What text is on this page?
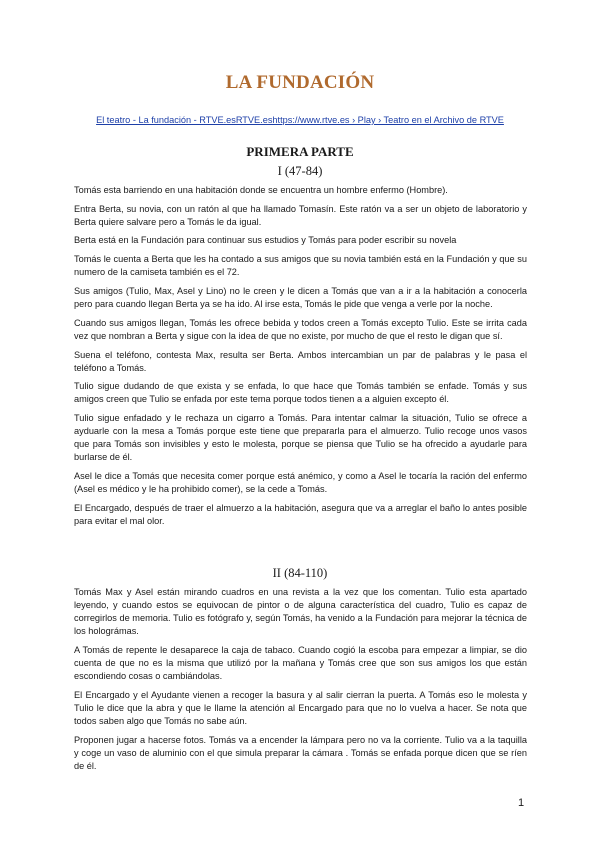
LA FUNDACIÓN
El teatro - La fundación - RTVE.esRTVE.eshttps://www.rtve.es › Play › Teatro en el Archivo de RTVE
PRIMERA PARTE
I (47-84)

Tomás esta barriendo en una habitación donde se encuentra un hombre enfermo (Hombre).

Entra Berta, su novia, con un ratón al que ha llamado Tomasín. Este ratón va a ser un objeto de laboratorio y Berta quiere salvare pero a Tomás le da igual.

Berta está en la Fundación para continuar sus estudios y Tomás para poder escribir su novela

Tomás le cuenta a Berta que les ha contado a sus amigos que su novia también está en la Fundación y que su numero de la camiseta también es el 72.

Sus amigos (Tulio, Max, Asel y Lino) no le creen y le dicen a Tomás que van a ir a la habitación a conocerla pero para cuando llegan Berta ya se ha ido. Al irse esta, Tomás le pide que venga a verle por la noche.

Cuando sus amigos llegan, Tomás les ofrece bebida y todos creen a Tomás excepto Tulio. Este se irrita cada vez que nombran a Berta y sigue con la idea de que no existe, por mucho de que el resto le digan que sí.

Suena el teléfono, contesta Max, resulta ser Berta. Ambos intercambian un par de palabras y le pasa el teléfono a Tomás.

Tulio sigue dudando de que exista y se enfada, lo que hace que Tomás también se enfade. Tomás y sus amigos creen que Tulio se enfada por este tema porque todos tienen a a alguien excepto él.

Tulio sigue enfadado y le rechaza un cigarro a Tomás. Para intentar calmar la situación, Tulio se ofrece a ayduarle con la mesa a Tomás porque este tiene que prepararla para el almuerzo. Tulio recoge unos vasos que para Tomás son invisibles y esto le molesta, porque se piensa que Tulio se ha ofrecido a ayudarle para burlarse de él.

Asel le dice a Tomás que necesita comer porque está anémico, y como a Asel le tocaría la ración del enfermo (Asel es médico y le ha prohibido comer), se la cede a Tomás.

El Encargado, después de traer el almuerzo a la habitación, asegura que va a arreglar el baño lo antes posible para evitar el mal olor.

II (84-110)

Tomás Max y Asel están mirando cuadros en una revista a la vez que los comentan. Tulio esta apartado leyendo, y cuando estos se equivocan de pintor o de alguna característica del cuadro, Tulio es capaz de corregirlos de memoria. Tulio es fotógrafo y, según Tomás, ha venido a la Fundación para mejorar la técnica de los holográmas.

A Tomás de repente le desaparece la caja de tabaco. Cuando cogió la escoba para empezar a limpiar, se dio cuenta de que no es la misma que utilizó por la mañana y Tomás cree que son sus amigos los que están escondiendo cosas o cambiándolas.

El Encargado y el Ayudante vienen a recoger la basura y al salir cierran la puerta. A Tomás eso le molesta y Tulio le dice que la abra y que le llame la atención al Encargado para que no lo vuelva a hacer. Se nota que todos saben algo que Tomás no sabe aún.

Proponen jugar a hacerse fotos. Tomás va a encender la lámpara pero no va la corriente. Tulio va a la taquilla y coge un vaso de aluminio con el que simula preparar la cámara . Tomás se enfada porque dicen que se ríen de él.

1
